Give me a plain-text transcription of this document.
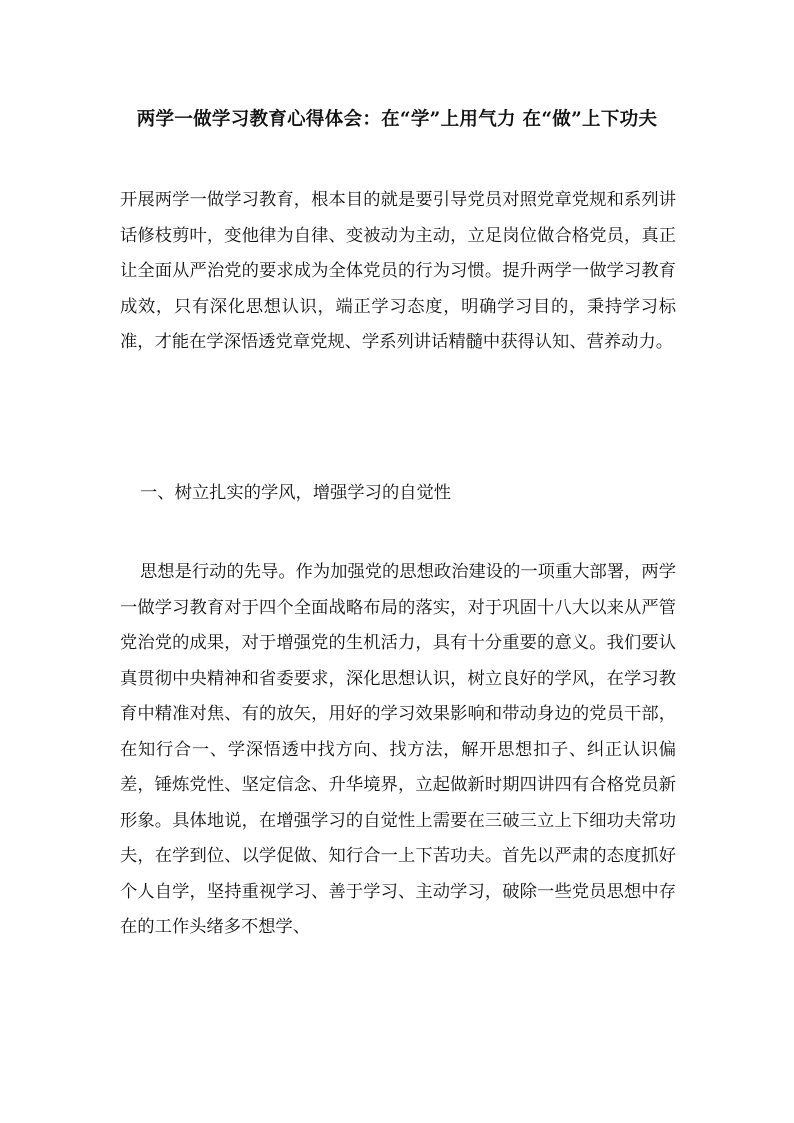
两学一做学习教育心得体会：在“学”上用气力 在“做”上下功夫

开展两学一做学习教育，根本目的就是要引导党员对照党章党规和系列讲话修枝剪叶，变他律为自律、变被动为主动，立足岗位做合格党员，真正让全面从严治党的要求成为全体党员的行为习惯。提升两学一做学习教育成效，只有深化思想认识，端正学习态度，明确学习目的，秉持学习标准，才能在学深悟透党章党规、学系列讲话精髓中获得认知、营养动力。

一、树立扎实的学风，增强学习的自觉性

思想是行动的先导。作为加强党的思想政治建设的一项重大部署，两学一做学习教育对于四个全面战略布局的落实，对于巩固十八大以来从严管党治党的成果，对于增强党的生机活力，具有十分重要的意义。我们要认真贯彻中央精神和省委要求，深化思想认识，树立良好的学风，在学习教育中精准对焦、有的放矢，用好的学习效果影响和带动身边的党员干部，在知行合一、学深悟透中找方向、找方法，解开思想扣子、纠正认识偏差，锤炼党性、坚定信念、升华境界，立起做新时期四讲四有合格党员新形象。具体地说，在增强学习的自觉性上需要在三破三立上下细功夫常功夫，在学到位、以学促做、知行合一上下苦功夫。首先以严肃的态度抓好个人自学，坚持重视学习、善于学习、主动学习，破除一些党员思想中存在的工作头绪多不想学、
